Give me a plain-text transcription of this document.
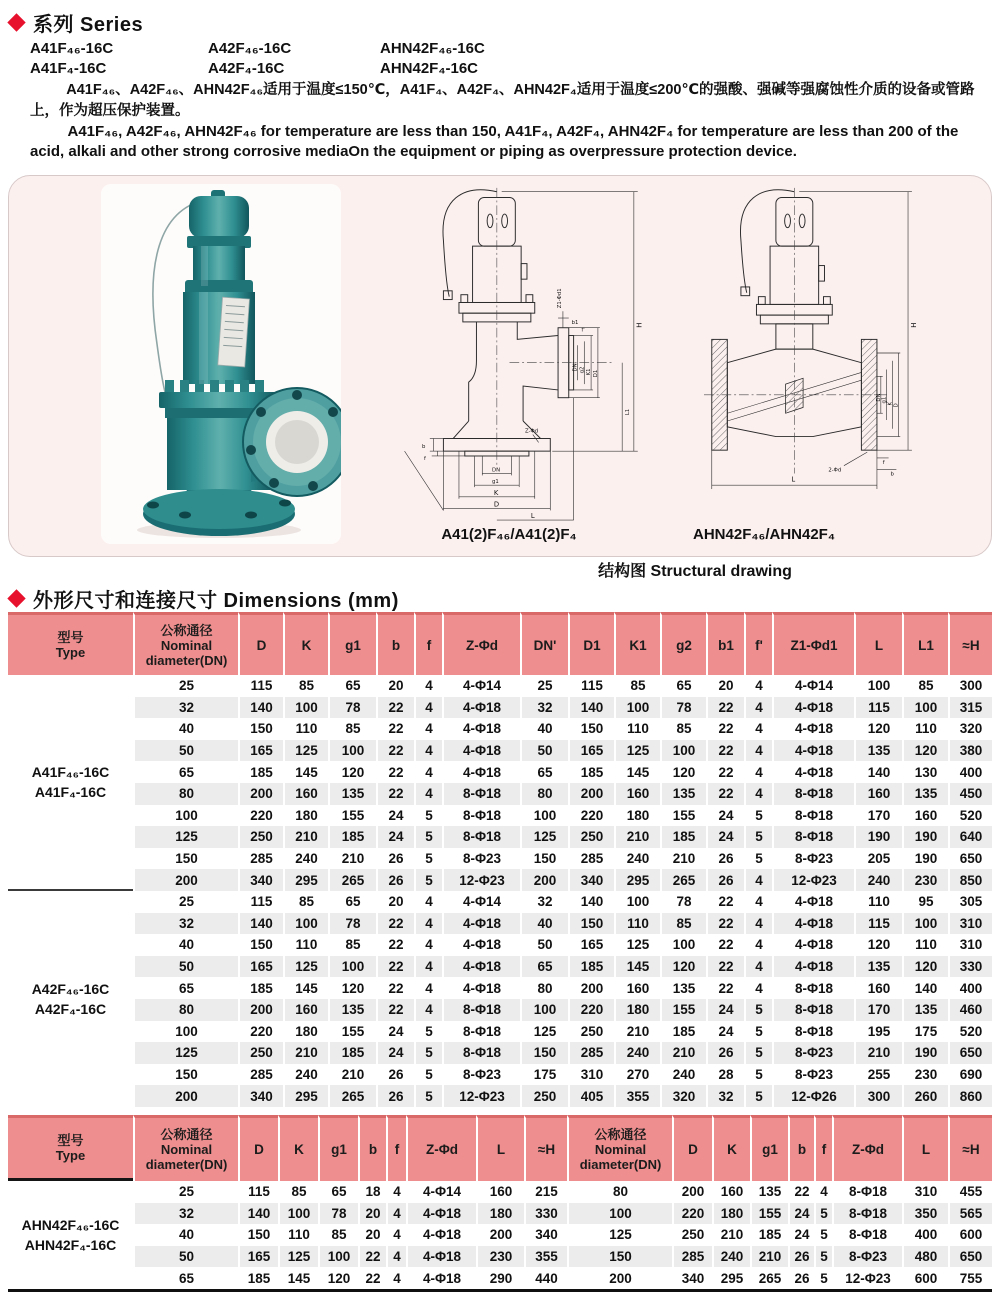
系列 Series
A41F₄₆-16C	A42F₄₆-16C	AHN42F₄₆-16C
A41F₄-16C	A42F₄-16C	AHN42F₄-16C
A41F₄₆、A42F₄₆、AHN42F₄₆适用于温度≤150℃，A41F₄、A42F₄、AHN42F₄适用于温度≤200℃的强酸、强碱等强腐蚀性介质的设备或管路上，作为超压保护装置。
A41F₄₆, A42F₄₆, AHN42F₄₆ for temperature are less than 150, A41F₄, A42F₄, AHN42F₄ for temperature are less than 200 of the acid, alkali and other strong corrosive mediaOn the equipment or piping as overpressure protection device.
H
L1
DN' g2 K1 D1
Z1-Φd1
b1
f'
DN
g1
K
D
L
b
f
Z-Φd
H
DN g1
K D
2-Φd
f
b
L
A41(2)F₄₆/A41(2)F₄	AHN42F₄₆/AHN42F₄
结构图 Structural drawing
外形尺寸和连接尺寸 Dimensions (mm)
型号
Type

公称通径
Nominal
diameter(DN)
	D	K	g1	b	f	Z-Φd	DN'	D1	K1	g2	b1	f'	Z1-Φd1	L	L1	≈H

A41F₄₆-16C
A41F₄-16C	25	115	85	65	20	4	4-Φ14	25	115	85	65	20	4	4-Φ14	100	85	300
	32	140	100	78	22	4	4-Φ18	32	140	100	78	22	4	4-Φ18	115	100	315
	40	150	110	85	22	4	4-Φ18	40	150	110	85	22	4	4-Φ18	120	110	320
	50	165	125	100	22	4	4-Φ18	50	165	125	100	22	4	4-Φ18	135	120	380
	65	185	145	120	22	4	4-Φ18	65	185	145	120	22	4	4-Φ18	140	130	400
	80	200	160	135	22	4	8-Φ18	80	200	160	135	22	4	8-Φ18	160	135	450
	100	220	180	155	24	5	8-Φ18	100	220	180	155	24	5	8-Φ18	170	160	520
	125	250	210	185	24	5	8-Φ18	125	250	210	185	24	5	8-Φ18	190	190	640
	150	285	240	210	26	5	8-Φ23	150	285	240	210	26	5	8-Φ23	205	190	650
	200	340	295	265	26	5	12-Φ23	200	340	295	265	26	4	12-Φ23	240	230	850

A42F₄₆-16C
A42F₄-16C	25	115	85	65	20	4	4-Φ14	32	140	100	78	22	4	4-Φ18	110	95	305
	32	140	100	78	22	4	4-Φ18	40	150	110	85	22	4	4-Φ18	115	100	310
	40	150	110	85	22	4	4-Φ18	50	165	125	100	22	4	4-Φ18	120	110	310
	50	165	125	100	22	4	4-Φ18	65	185	145	120	22	4	4-Φ18	135	120	330
	65	185	145	120	22	4	4-Φ18	80	200	160	135	22	4	8-Φ18	160	140	400
	80	200	160	135	22	4	8-Φ18	100	220	180	155	24	5	8-Φ18	170	135	460
	100	220	180	155	24	5	8-Φ18	125	250	210	185	24	5	8-Φ18	195	175	520
	125	250	210	185	24	5	8-Φ18	150	285	240	210	26	5	8-Φ23	210	190	650
	150	285	240	210	26	5	8-Φ23	175	310	270	240	28	5	8-Φ23	255	230	690
	200	340	295	265	26	5	12-Φ23	250	405	355	320	32	5	12-Φ26	300	260	860
型号
Type

公称通径
Nominal
diameter(DN)
	D	K	g1	b	f	Z-Φd	L	≈H	
公称通径
Nominal
diameter(DN)
	D	K	g1	b	f	Z-Φd	L	≈H

AHN42F₄₆-16C
AHN42F₄-16C	25	115	85	65	18	4	4-Φ14	160	215	80	200	160	135	22	4	8-Φ18	310	455
	32	140	100	78	20	4	4-Φ18	180	330	100	220	180	155	24	5	8-Φ18	350	565
	40	150	110	85	20	4	4-Φ18	200	340	125	250	210	185	24	5	8-Φ18	400	600
	50	165	125	100	22	4	4-Φ18	230	355	150	285	240	210	26	5	8-Φ23	480	650
	65	185	145	120	22	4	4-Φ18	290	440	200	340	295	265	26	5	12-Φ23	600	755
